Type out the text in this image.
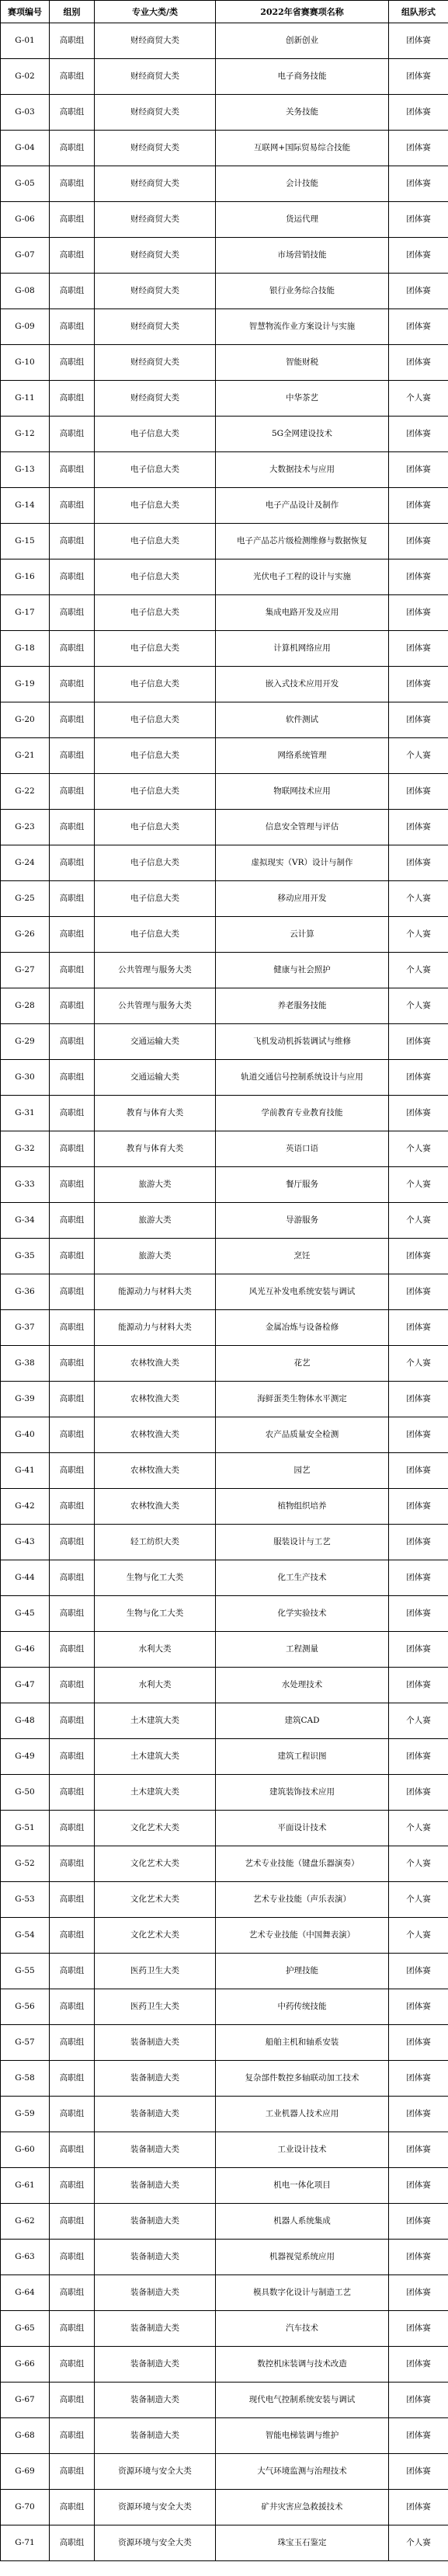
赛项编号	组别	专业大类/类	2022年省赛赛项名称	组队形式
G-01	高职组	财经商贸大类	创新创业	团体赛
G-02	高职组	财经商贸大类	电子商务技能	团体赛
G-03	高职组	财经商贸大类	关务技能	团体赛
G-04	高职组	财经商贸大类	互联网+国际贸易综合技能	团体赛
G-05	高职组	财经商贸大类	会计技能	团体赛
G-06	高职组	财经商贸大类	货运代理	团体赛
G-07	高职组	财经商贸大类	市场营销技能	团体赛
G-08	高职组	财经商贸大类	银行业务综合技能	团体赛
G-09	高职组	财经商贸大类	智慧物流作业方案设计与实施	团体赛
G-10	高职组	财经商贸大类	智能财税	团体赛
G-11	高职组	财经商贸大类	中华茶艺	个人赛
G-12	高职组	电子信息大类	5G全网建设技术	团体赛
G-13	高职组	电子信息大类	大数据技术与应用	团体赛
G-14	高职组	电子信息大类	电子产品设计及制作	团体赛
G-15	高职组	电子信息大类	电子产品芯片级检测维修与数据恢复	团体赛
G-16	高职组	电子信息大类	光伏电子工程的设计与实施	团体赛
G-17	高职组	电子信息大类	集成电路开发及应用	团体赛
G-18	高职组	电子信息大类	计算机网络应用	团体赛
G-19	高职组	电子信息大类	嵌入式技术应用开发	团体赛
G-20	高职组	电子信息大类	软件测试	团体赛
G-21	高职组	电子信息大类	网络系统管理	个人赛
G-22	高职组	电子信息大类	物联网技术应用	团体赛
G-23	高职组	电子信息大类	信息安全管理与评估	团体赛
G-24	高职组	电子信息大类	虚拟现实（VR）设计与制作	团体赛
G-25	高职组	电子信息大类	移动应用开发	个人赛
G-26	高职组	电子信息大类	云计算	个人赛
G-27	高职组	公共管理与服务大类	健康与社会照护	个人赛
G-28	高职组	公共管理与服务大类	养老服务技能	个人赛
G-29	高职组	交通运输大类	飞机发动机拆装调试与维修	团体赛
G-30	高职组	交通运输大类	轨道交通信号控制系统设计与应用	团体赛
G-31	高职组	教育与体育大类	学前教育专业教育技能	团体赛
G-32	高职组	教育与体育大类	英语口语	个人赛
G-33	高职组	旅游大类	餐厅服务	个人赛
G-34	高职组	旅游大类	导游服务	个人赛
G-35	高职组	旅游大类	烹饪	团体赛
G-36	高职组	能源动力与材料大类	风光互补发电系统安装与调试	团体赛
G-37	高职组	能源动力与材料大类	金属冶炼与设备检修	团体赛
G-38	高职组	农林牧渔大类	花艺	个人赛
G-39	高职组	农林牧渔大类	海鲜蛋类生物体水平测定	团体赛
G-40	高职组	农林牧渔大类	农产品质量安全检测	团体赛
G-41	高职组	农林牧渔大类	园艺	团体赛
G-42	高职组	农林牧渔大类	植物组织培养	团体赛
G-43	高职组	轻工纺织大类	服装设计与工艺	团体赛
G-44	高职组	生物与化工大类	化工生产技术	团体赛
G-45	高职组	生物与化工大类	化学实验技术	团体赛
G-46	高职组	水利大类	工程测量	团体赛
G-47	高职组	水利大类	水处理技术	团体赛
G-48	高职组	土木建筑大类	建筑CAD	个人赛
G-49	高职组	土木建筑大类	建筑工程识图	团体赛
G-50	高职组	土木建筑大类	建筑装饰技术应用	团体赛
G-51	高职组	文化艺术大类	平面设计技术	个人赛
G-52	高职组	文化艺术大类	艺术专业技能（键盘乐器演奏）	个人赛
G-53	高职组	文化艺术大类	艺术专业技能（声乐表演）	个人赛
G-54	高职组	文化艺术大类	艺术专业技能（中国舞表演）	个人赛
G-55	高职组	医药卫生大类	护理技能	团体赛
G-56	高职组	医药卫生大类	中药传统技能	团体赛
G-57	高职组	装备制造大类	船舶主机和轴系安装	团体赛
G-58	高职组	装备制造大类	复杂部件数控多轴联动加工技术	团体赛
G-59	高职组	装备制造大类	工业机器人技术应用	团体赛
G-60	高职组	装备制造大类	工业设计技术	团体赛
G-61	高职组	装备制造大类	机电一体化项目	团体赛
G-62	高职组	装备制造大类	机器人系统集成	团体赛
G-63	高职组	装备制造大类	机器视觉系统应用	团体赛
G-64	高职组	装备制造大类	模具数字化设计与制造工艺	团体赛
G-65	高职组	装备制造大类	汽车技术	团体赛
G-66	高职组	装备制造大类	数控机床装调与技术改造	团体赛
G-67	高职组	装备制造大类	现代电气控制系统安装与调试	团体赛
G-68	高职组	装备制造大类	智能电梯装调与维护	团体赛
G-69	高职组	资源环境与安全大类	大气环境监测与治理技术	团体赛
G-70	高职组	资源环境与安全大类	矿井灾害应急救援技术	团体赛
G-71	高职组	资源环境与安全大类	珠宝玉石鉴定	个人赛
